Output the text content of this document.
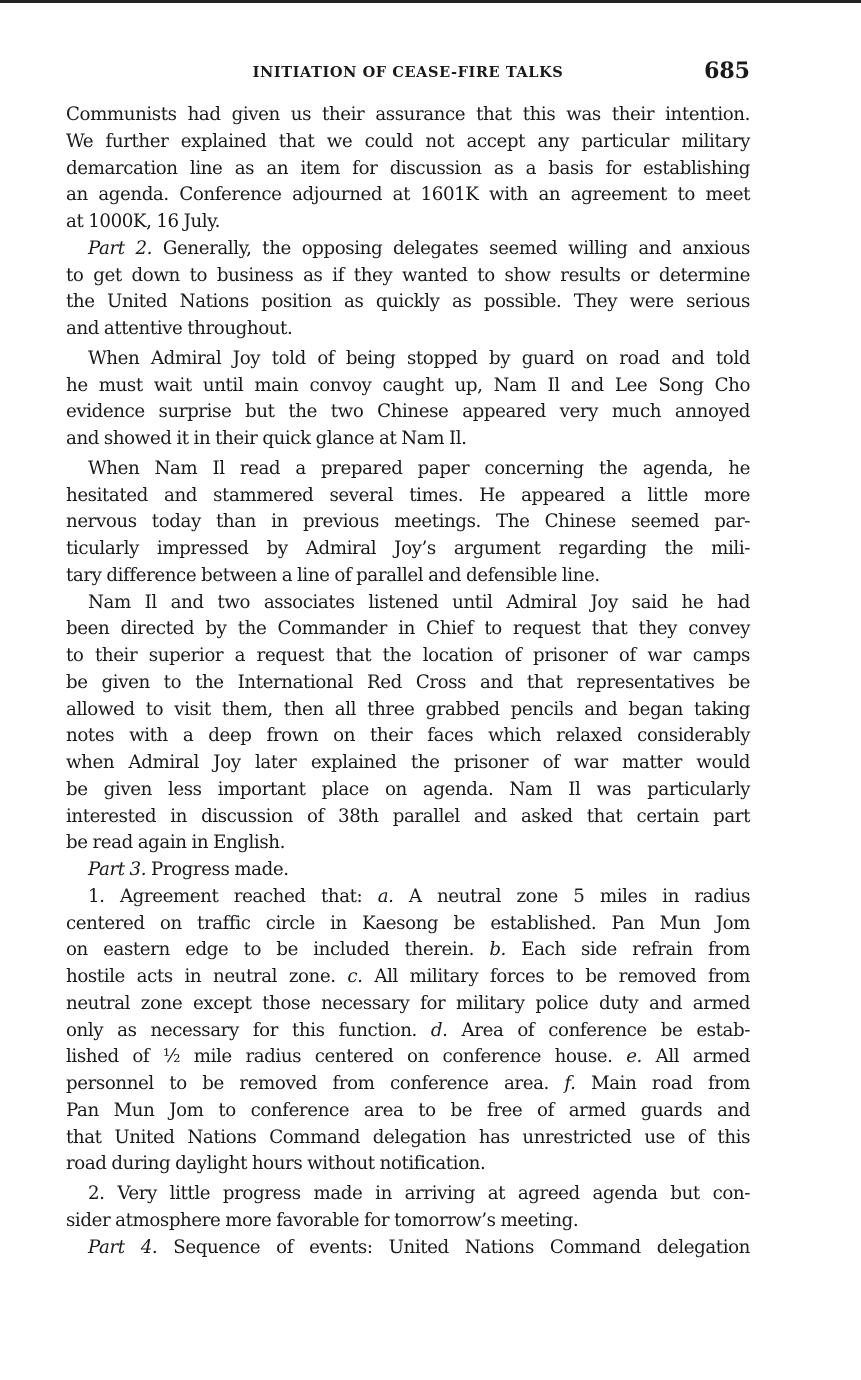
INITIATION OF CEASE-FIRE TALKS	685
Communists had given us their assurance that this was their intention.
We further explained that we could not accept any particular military
demarcation line as an item for discussion as a basis for establishing
an agenda. Conference adjourned at 1601K with an agreement to meet
at 1000K, 16 July.
Part 2. Generally, the opposing delegates seemed willing and anxious
to get down to business as if they wanted to show results or determine
the United Nations position as quickly as possible. They were serious
and attentive throughout.
When Admiral Joy told of being stopped by guard on road and told
he must wait until main convoy caught up, Nam Il and Lee Song Cho
evidence surprise but the two Chinese appeared very much annoyed
and showed it in their quick glance at Nam Il.
When Nam Il read a prepared paper concerning the agenda, he
hesitated and stammered several times. He appeared a little more
nervous today than in previous meetings. The Chinese seemed par-
ticularly impressed by Admiral Joy’s argument regarding the mili-
tary difference between a line of parallel and defensible line.
Nam Il and two associates listened until Admiral Joy said he had
been directed by the Commander in Chief to request that they convey
to their superior a request that the location of prisoner of war camps
be given to the International Red Cross and that representatives be
allowed to visit them, then all three grabbed pencils and began taking
notes with a deep frown on their faces which relaxed considerably
when Admiral Joy later explained the prisoner of war matter would
be given less important place on agenda. Nam Il was particularly
interested in discussion of 38th parallel and asked that certain part
be read again in English.
Part 3. Progress made.
1. Agreement reached that: a. A neutral zone 5 miles in radius
centered on traffic circle in Kaesong be established. Pan Mun Jom
on eastern edge to be included therein. b. Each side refrain from
hostile acts in neutral zone. c. All military forces to be removed from
neutral zone except those necessary for military police duty and armed
only as necessary for this function. d. Area of conference be estab-
lished of ½ mile radius centered on conference house. e. All armed
personnel to be removed from conference area. f. Main road from
Pan Mun Jom to conference area to be free of armed guards and
that United Nations Command delegation has unrestricted use of this
road during daylight hours without notification.
2. Very little progress made in arriving at agreed agenda but con-
sider atmosphere more favorable for tomorrow’s meeting.
Part 4. Sequence of events: United Nations Command delegation
